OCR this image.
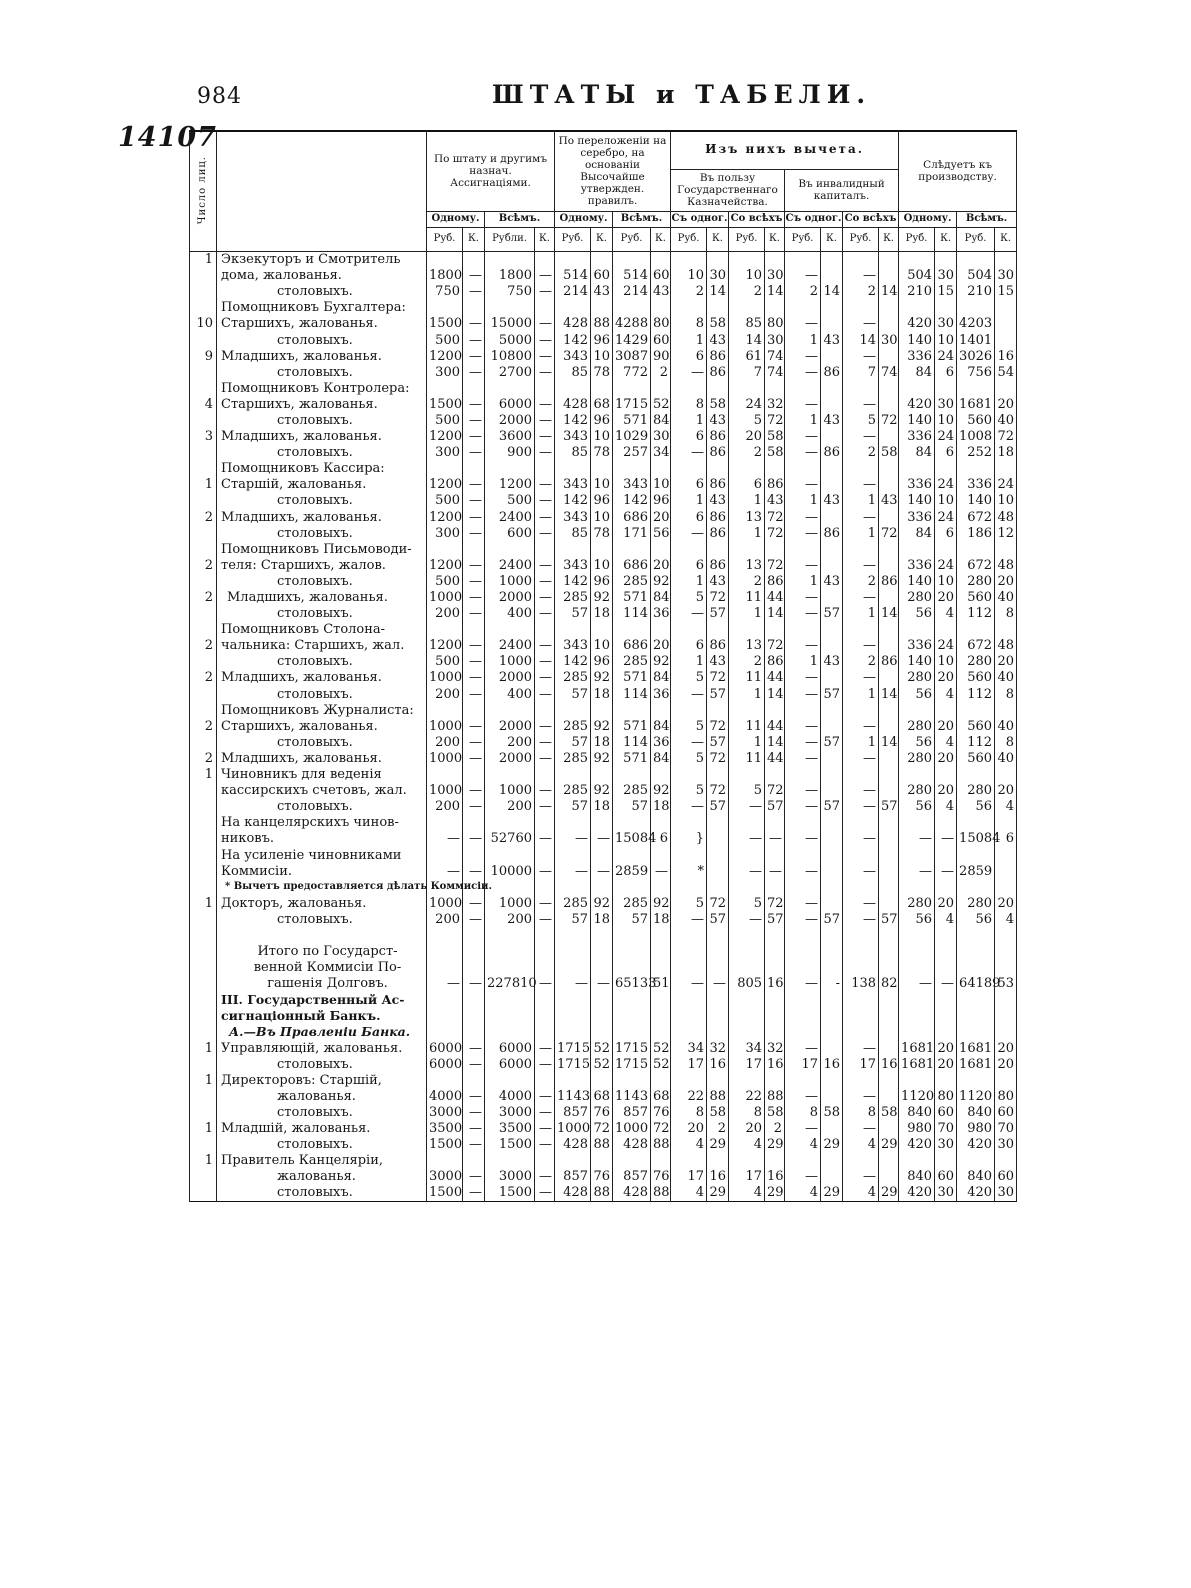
984	ШТАТЫ и ТАБЕЛИ.
14107
Число лиц.		По штату и другимъ назнач. Ассигнаціями.				По переложеніи на серебро, на основаніи Высочайше утвержден. правилъ.				Изъ нихъ вычета.								Слѣдуетъ къ производству.			
										Въ пользу Государственнаго Казначейства.				Въ инвалидный капиталъ.							
		Одному.		Всѣмъ.		Одному.		Всѣмъ.		Съ одног.		Со всѣхъ		Съ одног.		Со всѣхъ		Одному.		Всѣмъ.	
		Руб.	К.	Рубли.	К.	Руб.	К.	Руб.	К.	Руб.	К.	Руб.	К.	Руб.	К.	Руб.	К.	Руб.	К.	Руб.	К.
1	Экзекуторъ и Смотритель																				
	дома, жалованья.	1800	—	1800	—	514	60	514	60	10	30	10	30	—		—		504	30	504	30
	столовыхъ.	750	—	750	—	214	43	214	43	2	14	2	14	2	14	2	14	210	15	210	15
	Помощниковъ Бухгалтера:																				
10	Старшихъ, жалованья.	1500	—	15000	—	428	88	4288	80	8	58	85	80	—		—		420	30	4203	
	столовыхъ.	500	—	5000	—	142	96	1429	60	1	43	14	30	1	43	14	30	140	10	1401	
9	Младшихъ, жалованья.	1200	—	10800	—	343	10	3087	90	6	86	61	74	—		—		336	24	3026	16
	столовыхъ.	300	—	2700	—	85	78	772	2	—	86	7	74	—	86	7	74	84	6	756	54
	Помощниковъ Контролера:																				
4	Старшихъ, жалованья.	1500	—	6000	—	428	68	1715	52	8	58	24	32	—		—		420	30	1681	20
	столовыхъ.	500	—	2000	—	142	96	571	84	1	43	5	72	1	43	5	72	140	10	560	40
3	Младшихъ, жалованья.	1200	—	3600	—	343	10	1029	30	6	86	20	58	—		—		336	24	1008	72
	столовыхъ.	300	—	900	—	85	78	257	34	—	86	2	58	—	86	2	58	84	6	252	18
	Помощниковъ Кассира:																				
1	Старшій, жалованья.	1200	—	1200	—	343	10	343	10	6	86	6	86	—		—		336	24	336	24
	столовыхъ.	500	—	500	—	142	96	142	96	1	43	1	43	1	43	1	43	140	10	140	10
2	Младшихъ, жалованья.	1200	—	2400	—	343	10	686	20	6	86	13	72	—		—		336	24	672	48
	столовыхъ.	300	—	600	—	85	78	171	56	—	86	1	72	—	86	1	72	84	6	186	12
	Помощниковъ Письмоводи-																				
2	теля: Старшихъ, жалов.	1200	—	2400	—	343	10	686	20	6	86	13	72	—		—		336	24	672	48
	столовыхъ.	500	—	1000	—	142	96	285	92	1	43	2	86	1	43	2	86	140	10	280	20
2	Младшихъ, жалованья.	1000	—	2000	—	285	92	571	84	5	72	11	44	—		—		280	20	560	40
	столовыхъ.	200	—	400	—	57	18	114	36	—	57	1	14	—	57	1	14	56	4	112	8
	Помощниковъ Столона-																				
2	чальника: Старшихъ, жал.	1200	—	2400	—	343	10	686	20	6	86	13	72	—		—		336	24	672	48
	столовыхъ.	500	—	1000	—	142	96	285	92	1	43	2	86	1	43	2	86	140	10	280	20
2	Младшихъ, жалованья.	1000	—	2000	—	285	92	571	84	5	72	11	44	—		—		280	20	560	40
	столовыхъ.	200	—	400	—	57	18	114	36	—	57	1	14	—	57	1	14	56	4	112	8
	Помощниковъ Журналиста:																				
2	Старшихъ, жалованья.	1000	—	2000	—	285	92	571	84	5	72	11	44	—		—		280	20	560	40
	столовыхъ.	200	—	200	—	57	18	114	36	—	57	1	14	—	57	1	14	56	4	112	8
2	Младшихъ, жалованья.	1000	—	2000	—	285	92	571	84	5	72	11	44	—		—		280	20	560	40
1	Чиновникъ для веденія																				
	кассирскихъ счетовъ, жал.	1000	—	1000	—	285	92	285	92	5	72	5	72	—		—		280	20	280	20
	столовыхъ.	200	—	200	—	57	18	57	18	—	57	—	57	—	57	—	57	56	4	56	4
	На канцелярскихъ чинов-																				
	никовъ.	—	—	52760	—	—	—	15084	6	}		—	—	—		—		—	—	15084	6
	На усиленіе чиновниками																				
	Коммисіи.	—	—	10000	—	—	—	2859	—	*		—	—	—		—		—	—	2859	
	* Вычетъ предоставляется дѣлать Коммисіи.																				
1	Докторъ, жалованья.	1000	—	1000	—	285	92	285	92	5	72	5	72	—		—		280	20	280	20
	столовыхъ.	200	—	200	—	57	18	57	18	—	57	—	57	—	57	—	57	56	4	56	4

	Итого по Государст-																				
	венной Коммисіи По-																				
	гашенія Долговъ.	—	—	227810	—	—	—	65133	51	—	—	805	16	—	-	138	82	—	—	64189	53
	III. Государственный Ас-																				
	сигнаціонный Банкъ.																				
	А.—Въ Правленіи Банка.																				
1	Управляющій, жалованья.	6000	—	6000	—	1715	52	1715	52	34	32	34	32	—		—		1681	20	1681	20
	столовыхъ.	6000	—	6000	—	1715	52	1715	52	17	16	17	16	17	16	17	16	1681	20	1681	20
1	Директоровъ: Старшій,																				
	жалованья.	4000	—	4000	—	1143	68	1143	68	22	88	22	88	—		—		1120	80	1120	80
	столовыхъ.	3000	—	3000	—	857	76	857	76	8	58	8	58	8	58	8	58	840	60	840	60
1	Младшій, жалованья.	3500	—	3500	—	1000	72	1000	72	20	2	20	2	—		—		980	70	980	70
	столовыхъ.	1500	—	1500	—	428	88	428	88	4	29	4	29	4	29	4	29	420	30	420	30
1	Правитель Канцеляріи,																				
	жалованья.	3000	—	3000	—	857	76	857	76	17	16	17	16	—		—		840	60	840	60
	столовыхъ.	1500	—	1500	—	428	88	428	88	4	29	4	29	4	29	4	29	420	30	420	30
